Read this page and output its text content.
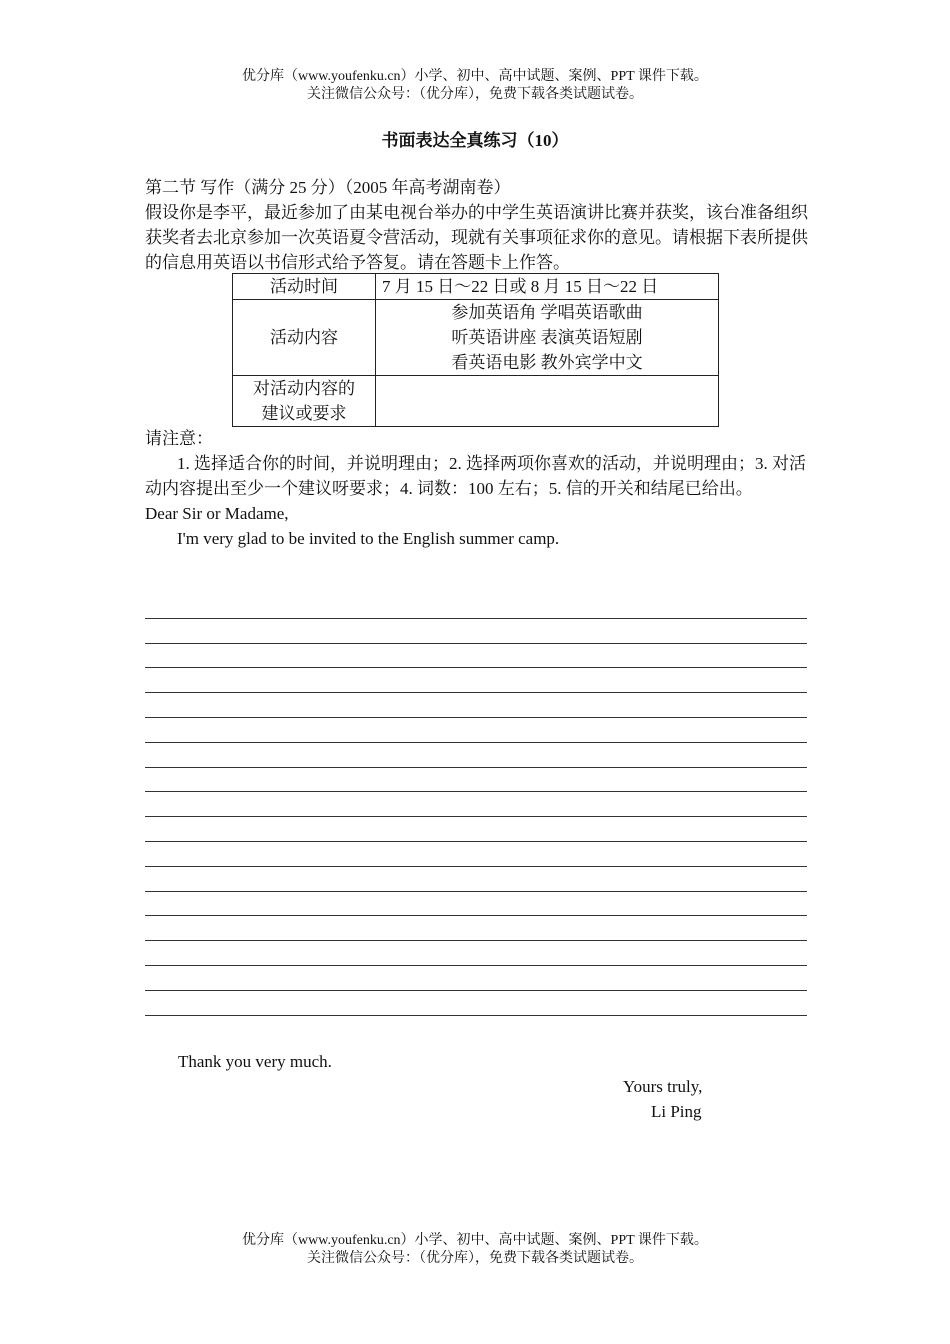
优分库（www.youfenku.cn）小学、初中、高中试题、案例、PPT 课件下载。
关注微信公众号：（优分库），免费下载各类试题试卷。
书面表达全真练习（10）

第二节 写作（满分 25 分）（2005 年高考湖南卷）

假设你是李平，最近参加了由某电视台举办的中学生英语演讲比赛并获奖，该台准备组织获奖者去北京参加一次英语夏令营活动，现就有关事项征求你的意见。请根据下表所提供的信息用英语以书信形式给予答复。请在答题卡上作答。

活动时间	7 月 15 日～22 日或 8 月 15 日～22 日
活动内容	参加英语角 学唱英语歌曲
听英语讲座 表演英语短剧
看英语电影 教外宾学中文

对活动内容的
建议或要求	

请注意：

1. 选择适合你的时间，并说明理由；2. 选择两项你喜欢的活动，并说明理由；3. 对活动内容提出至少一个建议呀要求；4. 词数：100 左右；5. 信的开关和结尾已给出。

Dear Sir or Madame,

I'm very glad to be invited to the English summer camp.

Thank you very much.
Yours truly,
Li Ping
优分库（www.youfenku.cn）小学、初中、高中试题、案例、PPT 课件下载。
关注微信公众号：（优分库），免费下载各类试题试卷。
